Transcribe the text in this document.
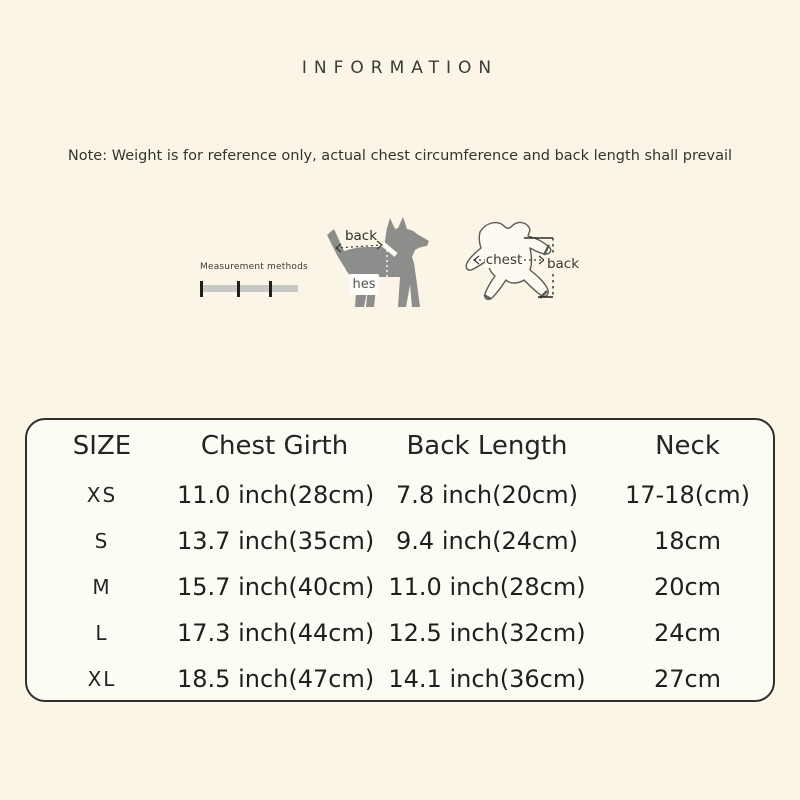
INFORMATION
Note: Weight is for reference only, actual chest circumference and back length shall prevail
Measurement methods
back
hes
chest back
SIZE	Chest Girth	Back Length	Neck
XS	11.0 inch(28cm) 7.8 inch(20cm)	17-18(cm)
S	13.7 inch(35cm) 9.4 inch(24cm)	18cm
M	15.7 inch(40cm) 11.0 inch(28cm)	20cm
L	17.3 inch(44cm) 12.5 inch(32cm)	24cm
XL	18.5 inch(47cm) 14.1 inch(36cm)	27cm
